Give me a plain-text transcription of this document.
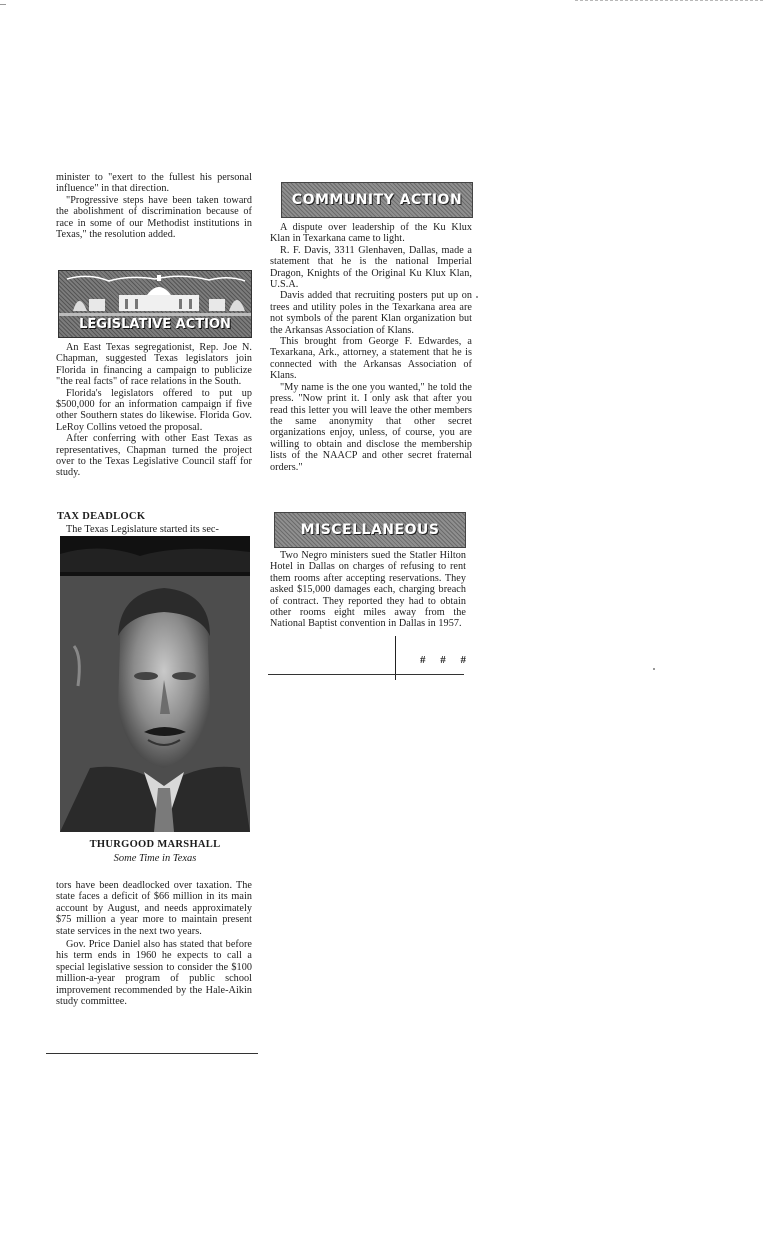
minister to "exert to the fullest his personal influence" in that direction.

"Progressive steps have been taken toward the abolishment of discrimination because of race in some of our Methodist institutions in Texas," the resolution added.

LEGISLATIVE ACTION

An East Texas segregationist, Rep. Joe N. Chapman, suggested Texas legislators join Florida in financing a campaign to publicize "the real facts" of race relations in the South.

Florida's legislators offered to put up $500,000 for an information campaign if five other Southern states do likewise. Florida Gov. LeRoy Collins vetoed the proposal.

After conferring with other East Texas as representatives, Chapman turned the project over to the Texas Legislative Council staff for study.

TAX DEADLOCK

The Texas Legislature started its sec-

THURGOOD MARSHALL
Some Time in Texas

tors have been deadlocked over taxation. The state faces a deficit of $66 million in its main account by August, and needs approximately $75 million a year more to maintain present state services in the next two years.

Gov. Price Daniel also has stated that before his term ends in 1960 he expects to call a special legislative session to consider the $100 million-a-year program of public school improvement recommended by the Hale-Aikin study committee.

COMMUNITY ACTION

A dispute over leadership of the Ku Klux Klan in Texarkana came to light.

R. F. Davis, 3311 Glenhaven, Dallas, made a statement that he is the national Imperial Dragon, Knights of the Original Ku Klux Klan, U.S.A.

Davis added that recruiting posters put up on trees and utility poles in the Texarkana area are not symbols of the parent Klan organization but the Arkansas Association of Klans.

This brought from George F. Edwardes, a Texarkana, Ark., attorney, a statement that he is connected with the Arkansas Association of Klans.

"My name is the one you wanted," he told the press. "Now print it. I only ask that after you read this letter you will leave the other members the same anonymity that other secret organizations enjoy, unless, of course, you are willing to obtain and disclose the membership lists of the NAACP and other secret fraternal orders."

MISCELLANEOUS

Two Negro ministers sued the Statler Hilton Hotel in Dallas on charges of refusing to rent them rooms after accepting reservations. They asked $15,000 damages each, charging breach of contract. They reported they had to obtain other rooms eight miles away from the National Baptist convention in Dallas in 1957.

# # #
